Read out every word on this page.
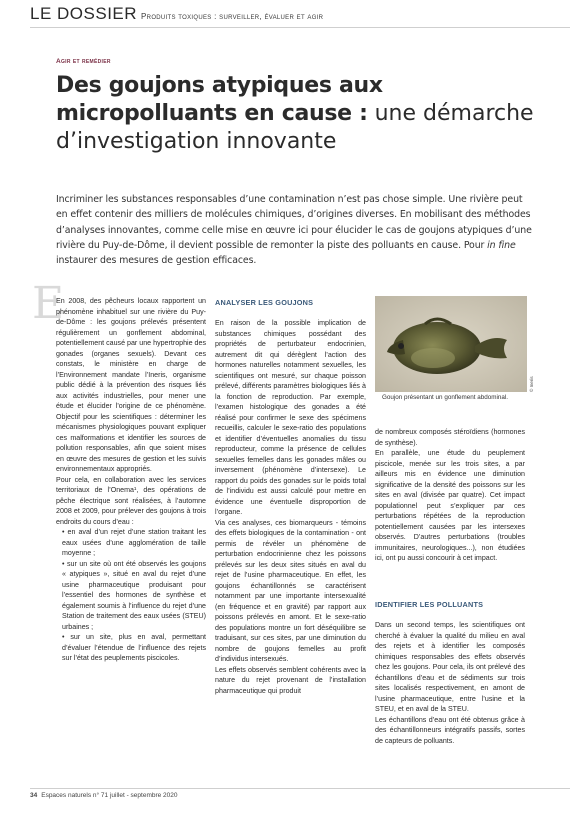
LE DOSSIER Produits toxiques : surveiller, évaluer et agir
Agir et remédier
Des goujons atypiques aux micropolluants en cause : une démarche d’investigation innovante
Incriminer les substances responsables d’une contamination n’est pas chose simple. Une rivière peut en effet contenir des milliers de molécules chimiques, d’origines diverses. En mobilisant des méthodes d’analyses innovantes, comme celle mise en œuvre ici pour élucider le cas de goujons atypiques d’une rivière du Puy-de-Dôme, il devient possible de remonter la piste des polluants en cause. Pour in fine instaurer des mesures de gestion efficaces.
E

En 2008, des pêcheurs locaux rapportent un phénomène inhabituel sur une rivière du Puy-de-Dôme : les goujons prélevés présentent régulièrement un gonflement abdominal, potentiellement causé par une hypertrophie des gonades (organes sexuels). Devant ces constats, le ministère en charge de l’Environnement mandate l’Ineris, organisme public dédié à la prévention des risques liés aux activités industrielles, pour mener une étude et élucider l’origine de ce phénomène. Objectif pour les scientifiques : déterminer les mécanismes physiologiques pouvant expliquer ces malformations et identifier les sources de pollution responsables, afin que soient mises en œuvre des mesures de gestion et les suivis environnementaux appropriés.

Pour cela, en collaboration avec les services territoriaux de l’Onema¹, des opérations de pêche électrique sont réalisées, à l’automne 2008 et 2009, pour prélever des goujons à trois endroits du cours d’eau :

• en aval d’un rejet d’une station traitant les eaux usées d’une agglomération de taille moyenne ;

• sur un site où ont été observés les goujons « atypiques », situé en aval du rejet d’une usine pharmaceutique produisant pour l’essentiel des hormones de synthèse et également soumis à l’influence du rejet d’une Station de traitement des eaux usées (STEU) urbaines ;

• sur un site, plus en aval, permettant d’évaluer l’étendue de l’influence des rejets sur l’état des peuplements piscicoles.

ANALYSER LES GOUJONS

En raison de la possible implication de substances chimiques possédant des propriétés de perturbateur endocrinien, autrement dit qui dérèglent l’action des hormones naturelles notamment sexuelles, les scientifiques ont mesuré, sur chaque poisson prélevé, différents paramètres biologiques liés à la fonction de reproduction. Par exemple, l’examen histologique des gonades a été réalisé pour confirmer le sexe des spécimens recueillis, calculer le sexe-ratio des populations et identifier d’éventuelles anomalies du tissu reproducteur, comme la présence de cellules sexuelles femelles dans les gonades mâles ou inversement (phénomène d’intersexe). Le rapport du poids des gonades sur le poids total de l’individu est aussi calculé pour mettre en évidence une éventuelle disproportion de l’organe.

Via ces analyses, ces biomarqueurs - témoins des effets biologiques de la contamination - ont permis de révéler un phénomène de perturbation endocrinienne chez les poissons prélevés sur les deux sites situés en aval du rejet de l’usine pharmaceutique. En effet, les goujons échantillonnés se caractérisent notamment par une importante intersexualité (en fréquence et en gravité) par rapport aux poissons prélevés en amont. Et le sexe-ratio des populations montre un fort déséquilibre se traduisant, sur ces sites, par une diminution du nombre de goujons femelles au profit d’individus intersexués.

Les effets observés semblent cohérents avec la nature du rejet provenant de l’installation pharmaceutique qui produit

Goujon présentant un gonflement abdominal.
© Ineris

de nombreux composés stéroïdiens (hormones de synthèse).

En parallèle, une étude du peuplement piscicole, menée sur les trois sites, a par ailleurs mis en évidence une diminution significative de la densité des poissons sur les sites en aval (divisée par quatre). Cet impact populationnel peut s’expliquer par ces perturbations répétées de la reproduction potentiellement causées par les intersexes observés. D’autres perturbations (troubles immunitaires, neurologiques...), non étudiées ici, ont pu aussi concourir à cet impact.

IDENTIFIER LES POLLUANTS

Dans un second temps, les scientifiques ont cherché à évaluer la qualité du milieu en aval des rejets et à identifier les composés chimiques responsables des effets observés chez les goujons. Pour cela, ils ont prélevé des échantillons d’eau et de sédiments sur trois sites localisés respectivement, en amont de l’usine pharmaceutique, entre l’usine et la STEU, et en aval de la STEU.

Les échantillons d’eau ont été obtenus grâce à des échantillonneurs intégratifs passifs, sortes de capteurs de polluants.

34 Espaces naturels n° 71 juillet - septembre 2020
